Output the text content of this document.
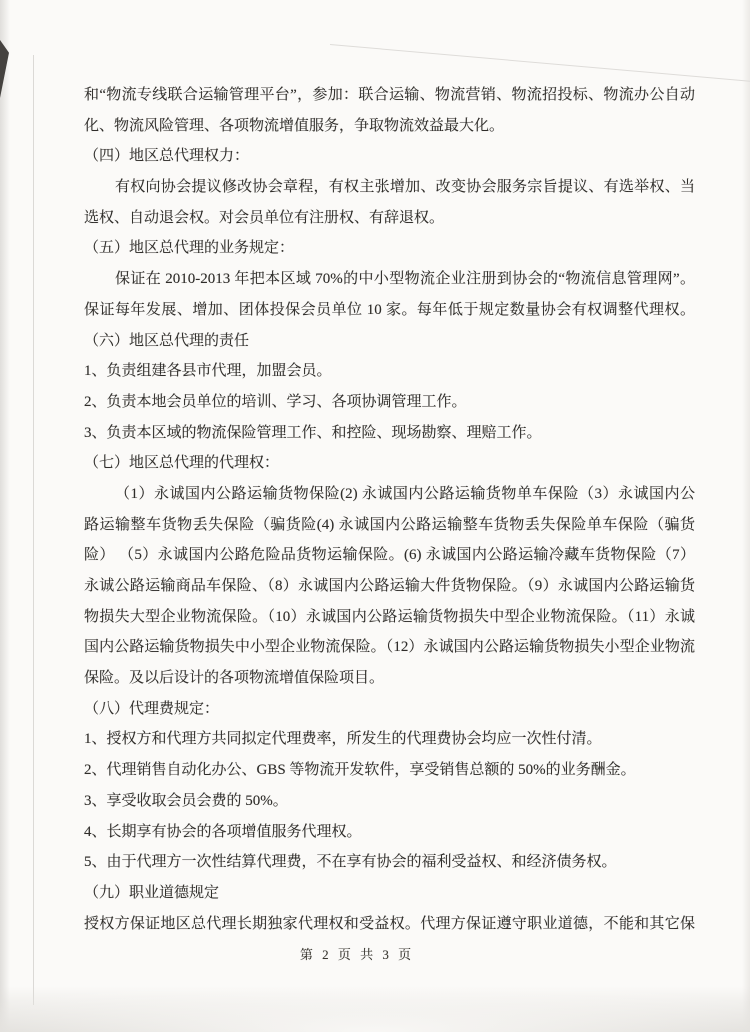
和“物流专线联合运输管理平台”，参加：联合运输、物流营销、物流招投标、物流办公自动
化、物流风险管理、各项物流增值服务，争取物流效益最大化。
（四）地区总代理权力：
有权向协会提议修改协会章程，有权主张增加、改变协会服务宗旨提议、有选举权、当
选权、自动退会权。对会员单位有注册权、有辞退权。
（五）地区总代理的业务规定：
保证在 2010-2013 年把本区域 70%的中小型物流企业注册到协会的“物流信息管理网”。
保证每年发展、增加、团体投保会员单位 10 家。每年低于规定数量协会有权调整代理权。
（六）地区总代理的责任
1、负责组建各县市代理，加盟会员。
2、负责本地会员单位的培训、学习、各项协调管理工作。
3、负责本区域的物流保险管理工作、和控险、现场勘察、理赔工作。
（七）地区总代理的代理权：
（1）永诚国内公路运输货物保险(2) 永诚国内公路运输货物单车保险（3）永诚国内公
路运输整车货物丢失保险（骗货险(4) 永诚国内公路运输整车货物丢失保险单车保险（骗货
险） （5）永诚国内公路危险品货物运输保险。(6) 永诚国内公路运输冷藏车货物保险（7）
永诚公路运输商品车保险、（8）永诚国内公路运输大件货物保险。（9）永诚国内公路运输货
物损失大型企业物流保险。（10）永诚国内公路运输货物损失中型企业物流保险。（11）永诚
国内公路运输货物损失中小型企业物流保险。（12）永诚国内公路运输货物损失小型企业物流
保险。及以后设计的各项物流增值保险项目。
（八）代理费规定：
1、授权方和代理方共同拟定代理费率，所发生的代理费协会均应一次性付清。
2、代理销售自动化办公、GBS 等物流开发软件，享受销售总额的 50%的业务酬金。
3、享受收取会员会费的 50%。
4、长期享有协会的各项增值服务代理权。
5、由于代理方一次性结算代理费，不在享有协会的福利受益权、和经济债务权。
（九）职业道德规定
授权方保证地区总代理长期独家代理权和受益权。代理方保证遵守职业道德，不能和其它保
第 2 页 共 3 页
